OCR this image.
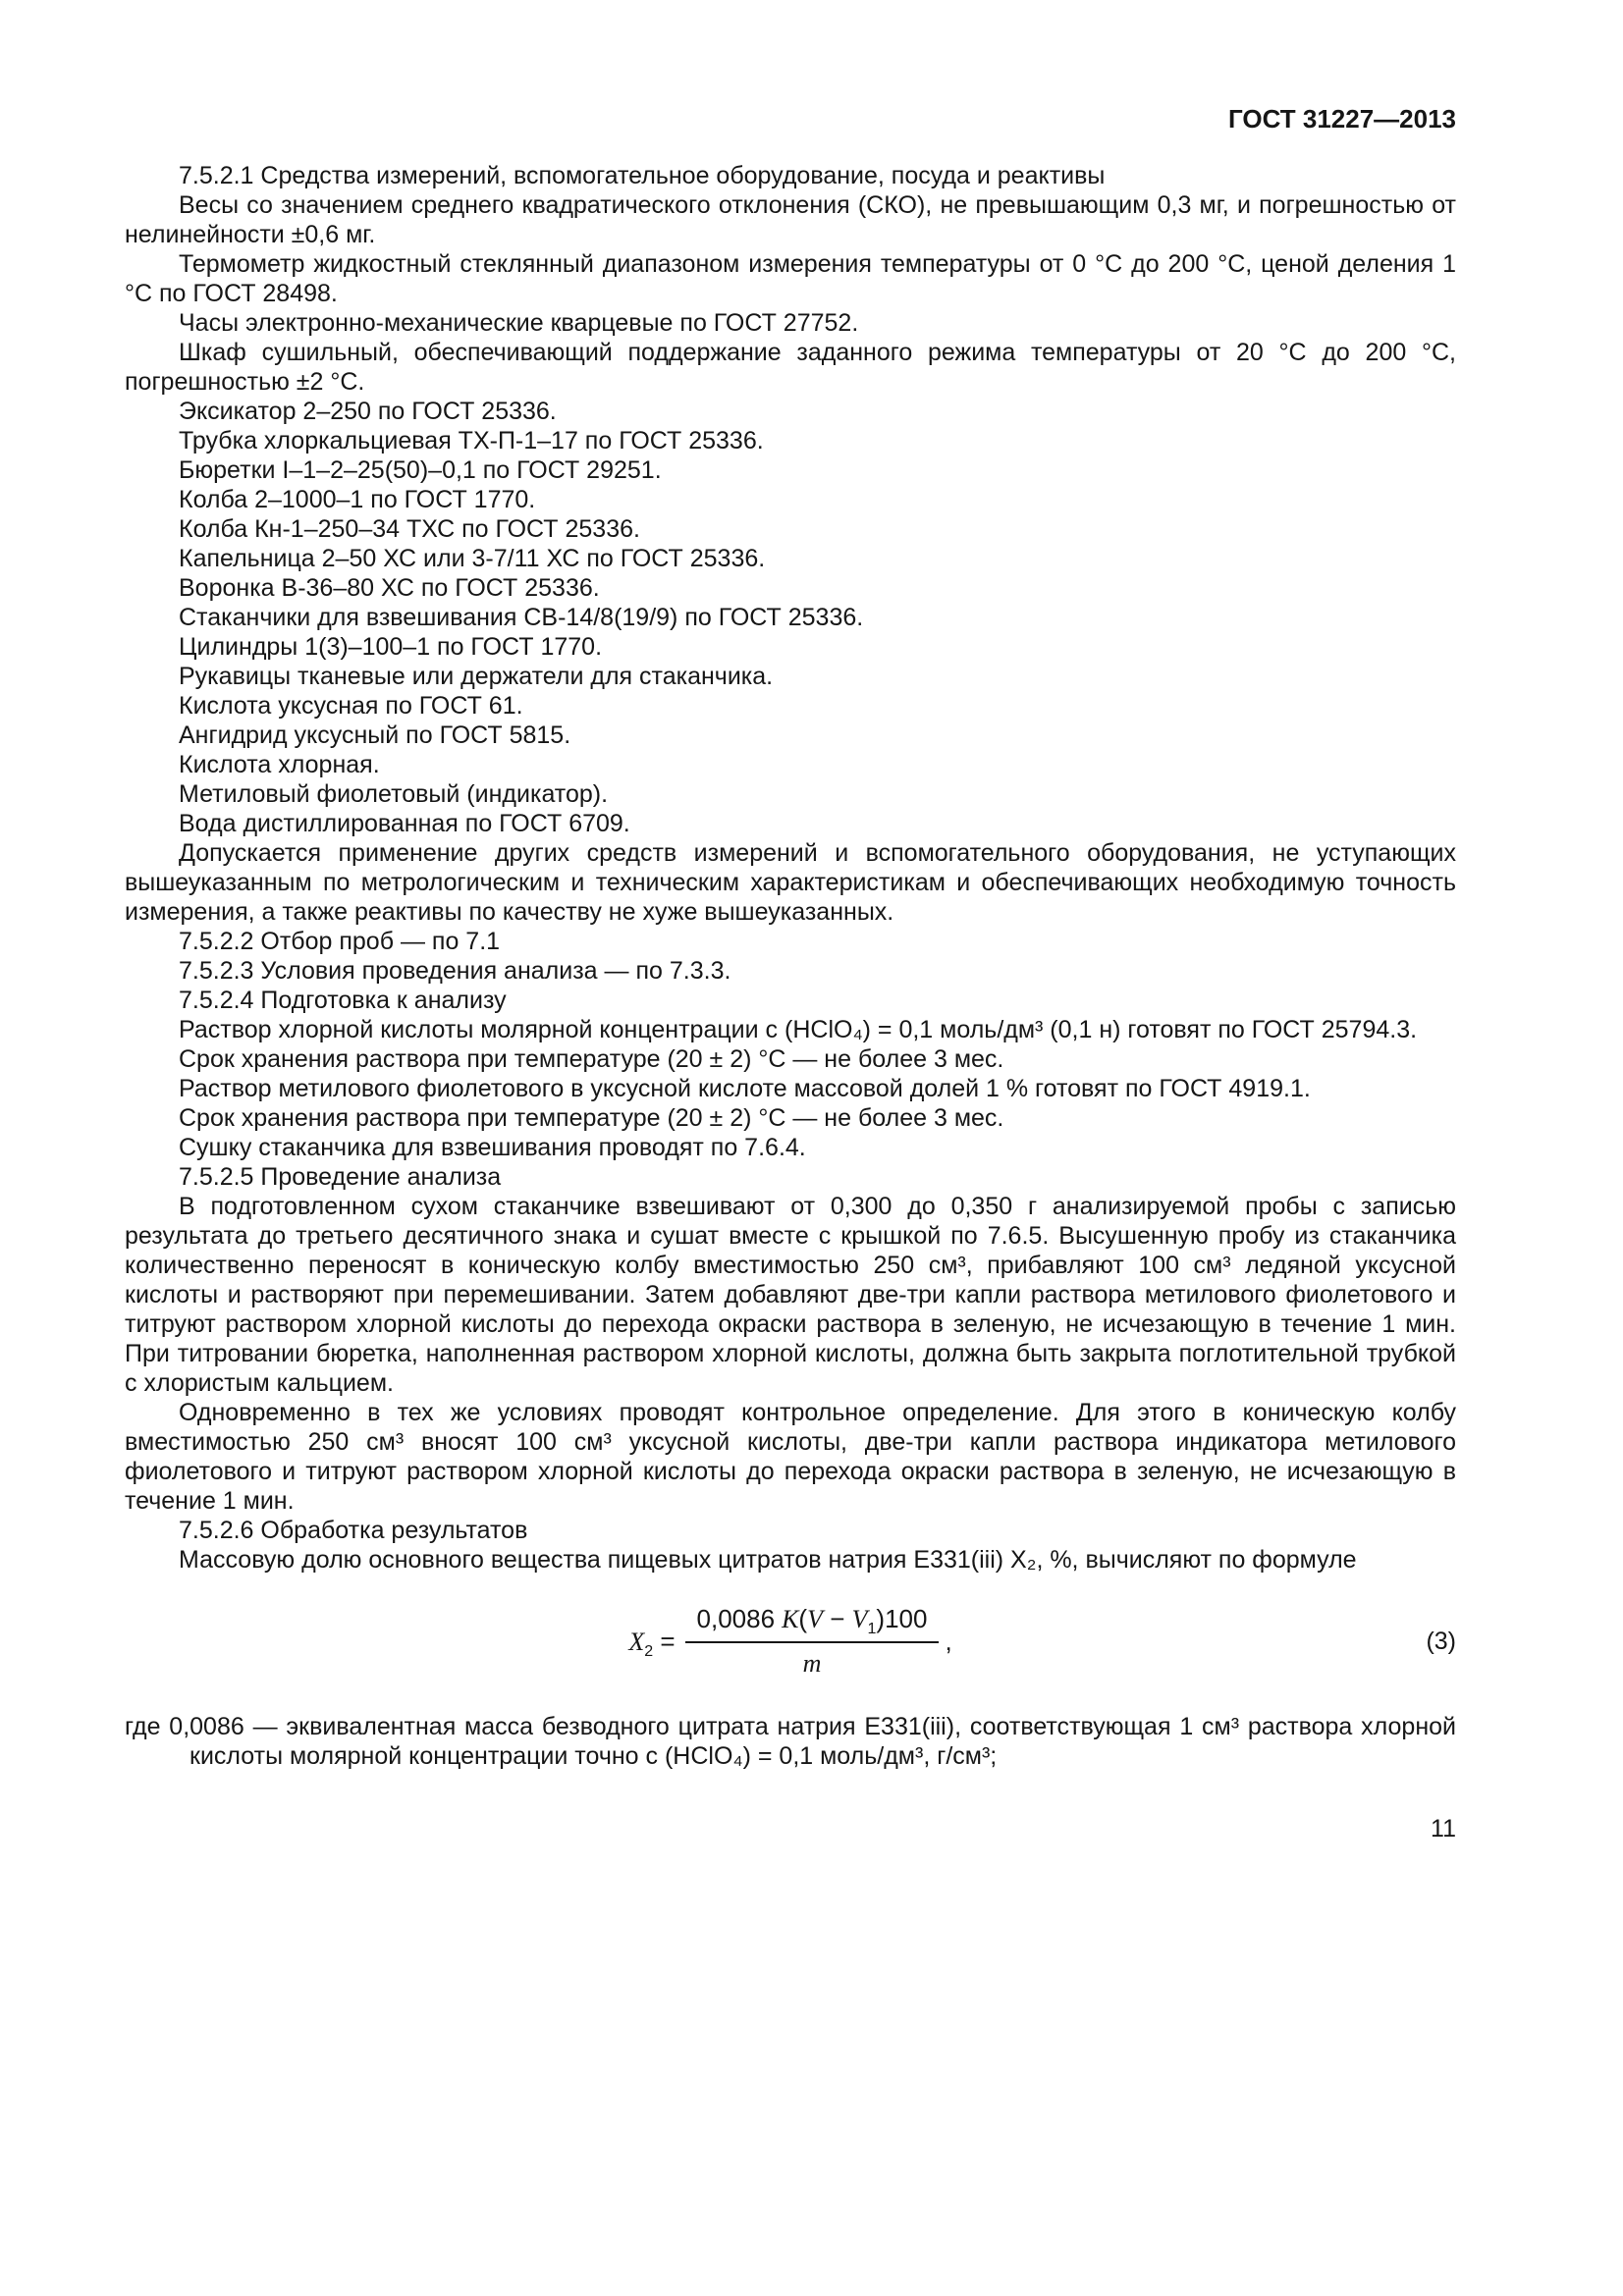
ГОСТ 31227—2013

7.5.2.1 Средства измерений, вспомогательное оборудование, посуда и реактивы

Весы со значением среднего квадратического отклонения (СКО), не превышающим 0,3 мг, и погрешностью от нелинейности ±0,6 мг.

Термометр жидкостный стеклянный диапазоном измерения температуры от 0 °С до 200 °С, ценой деления 1 °С по ГОСТ 28498.

Часы электронно-механические кварцевые по ГОСТ 27752.

Шкаф сушильный, обеспечивающий поддержание заданного режима температуры от 20 °С до 200 °С, погрешностью ±2 °С.

Эксикатор 2–250 по ГОСТ 25336.

Трубка хлоркальциевая ТХ-П-1–17 по ГОСТ 25336.

Бюретки I–1–2–25(50)–0,1 по ГОСТ 29251.

Колба 2–1000–1 по ГОСТ 1770.

Колба Кн-1–250–34 ТХС по ГОСТ 25336.

Капельница 2–50 ХС или 3-7/11 ХС по ГОСТ 25336.

Воронка В-36–80 ХС по ГОСТ 25336.

Стаканчики для взвешивания СВ-14/8(19/9) по ГОСТ 25336.

Цилиндры 1(3)–100–1 по ГОСТ 1770.

Рукавицы тканевые или держатели для стаканчика.

Кислота уксусная по ГОСТ 61.

Ангидрид уксусный по ГОСТ 5815.

Кислота хлорная.

Метиловый фиолетовый (индикатор).

Вода дистиллированная по ГОСТ 6709.

Допускается применение других средств измерений и вспомогательного оборудования, не уступающих вышеуказанным по метрологическим и техническим характеристикам и обеспечивающих необходимую точность измерения, а также реактивы по качеству не хуже вышеуказанных.

7.5.2.2 Отбор проб — по 7.1

7.5.2.3 Условия проведения анализа — по 7.3.3.

7.5.2.4 Подготовка к анализу

Раствор хлорной кислоты молярной концентрации c (HClO₄) = 0,1 моль/дм³ (0,1 н) готовят по ГОСТ 25794.3.

Срок хранения раствора при температуре (20 ± 2) °С — не более 3 мес.

Раствор метилового фиолетового в уксусной кислоте массовой долей 1 % готовят по ГОСТ 4919.1.

Срок хранения раствора при температуре (20 ± 2) °С — не более 3 мес.

Сушку стаканчика для взвешивания проводят по 7.6.4.

7.5.2.5 Проведение анализа

В подготовленном сухом стаканчике взвешивают от 0,300 до 0,350 г анализируемой пробы с записью результата до третьего десятичного знака и сушат вместе с крышкой по 7.6.5. Высушенную пробу из стаканчика количественно переносят в коническую колбу вместимостью 250 см³, прибавляют 100 см³ ледяной уксусной кислоты и растворяют при перемешивании. Затем добавляют две-три капли раствора метилового фиолетового и титруют раствором хлорной кислоты до перехода окраски раствора в зеленую, не исчезающую в течение 1 мин. При титровании бюретка, наполненная раствором хлорной кислоты, должна быть закрыта поглотительной трубкой с хлористым кальцием.

Одновременно в тех же условиях проводят контрольное определение. Для этого в коническую колбу вместимостью 250 см³ вносят 100 см³ уксусной кислоты, две-три капли раствора индикатора метилового фиолетового и титруют раствором хлорной кислоты до перехода окраски раствора в зеленую, не исчезающую в течение 1 мин.

7.5.2.6 Обработка результатов

Массовую долю основного вещества пищевых цитратов натрия E331(iii) X₂, %, вычисляют по формуле

$X_2 = \frac{0,0086 K(V - V_1)100}{m}$ ,	(3)

где 0,0086 — эквивалентная масса безводного цитрата натрия E331(iii), соответствующая 1 см³ раствора хлорной кислоты молярной концентрации точно c (HClO₄) = 0,1 моль/дм³, г/см³;

11
